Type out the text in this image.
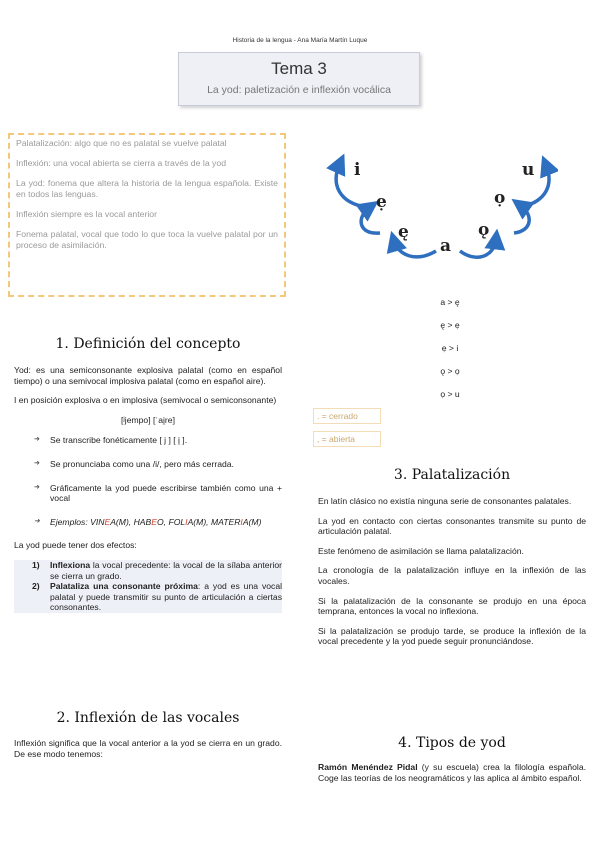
Historia de la lengua - Ana María Martín Luque
Tema 3
La yod: paletización e inflexión vocálica

Palatalización: algo que no es palatal se vuelve palatal

Inflexión: una vocal abierta se cierra a través de la yod

La yod: fonema que altera la historia de la lengua española. Existe en todos las lenguas.

Inflexión siempre es la vocal anterior

Fonema palatal, vocal que todo lo que toca la vuelve palatal por un proceso de asimilación.

i
ẹ
ę
a
ǫ
ọ
u
a > ę
ę > ẹ
ẹ > i
ǫ > ọ
ọ > u
. = cerrado
, = abierta
1. Definición del concepto

Yod: es una semiconsonante explosiva palatal (como en español tiempo) o una semivocal implosiva palatal (como en español aire).

I en posición explosiva o en implosiva (semivocal o semiconsonante)

[ʲjempo] [ˈai̯re]

➜ Se transcribe fonéticamente [ j ] [ i̯ ].
➜ Se pronunciaba como una /i/, pero más cerrada.
➜ Gráficamente la yod puede escribirse también como una + vocal
➜ Ejemplos: VINEA(M), HABEO, FOLIA(M), MATERIA(M)

La yod puede tener dos efectos:

1) Inflexiona la vocal precedente: la vocal de la sílaba anterior se cierra un grado.
2) Palataliza una consonante próxima: a yod es una vocal palatal y puede transmitir su punto de articulación a ciertas consonantes.
2. Inflexión de las vocales

Inflexión significa que la vocal anterior a la yod se cierra en un grado. De ese modo tenemos:

3. Palatalización

En latín clásico no existía ninguna serie de consonantes palatales.

La yod en contacto con ciertas consonantes transmite su punto de articulación palatal.

Este fenómeno de asimilación se llama palatalización.

La cronología de la palatalización influye en la inflexión de las vocales.

Si la palatalización de la consonante se produjo en una época temprana, entonces la vocal no inflexiona.

Si la palatalización se produjo tarde, se produce la inflexión de la vocal precedente y la yod puede seguir pronunciándose.

4. Tipos de yod

Ramón Menéndez Pidal (y su escuela) crea la filología española. Coge las teorías de los neogramáticos y las aplica al ámbito español.
